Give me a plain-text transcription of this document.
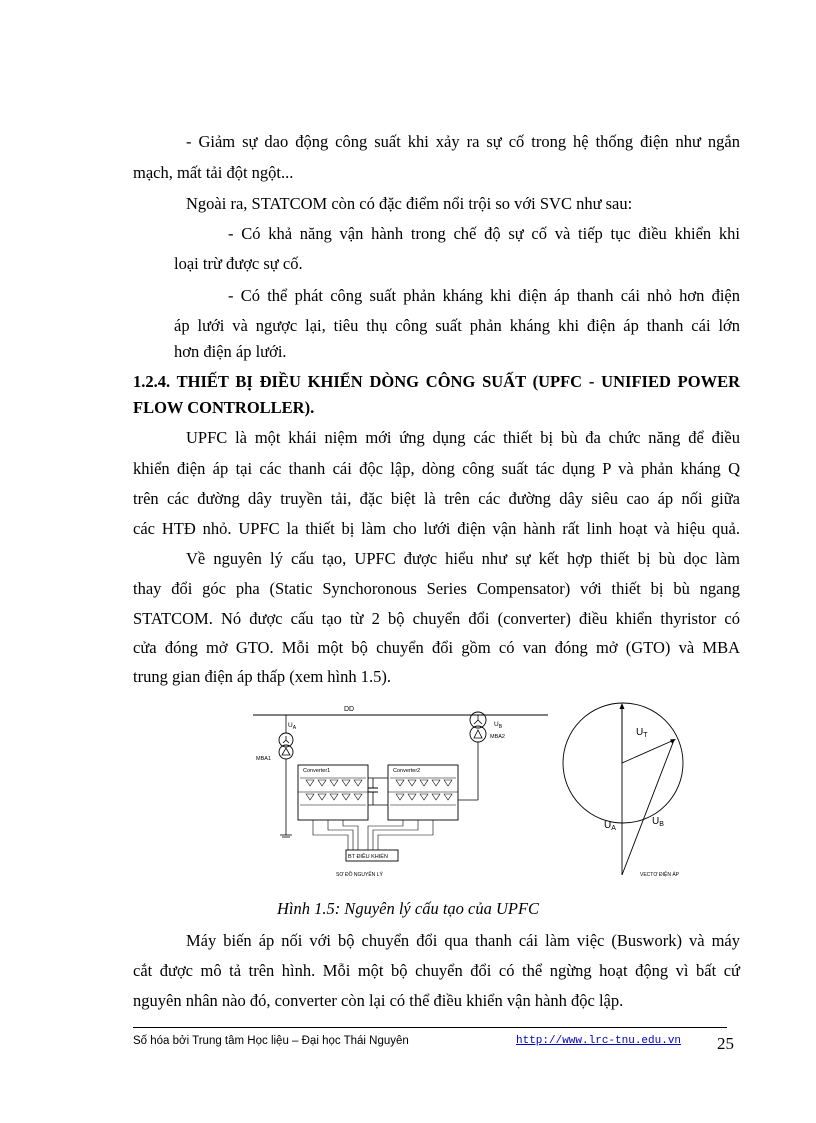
- Giảm sự dao động công suất khi xảy ra sự cố trong hệ thống điện như ngắn
mạch, mất tải đột ngột...
Ngoài ra, STATCOM còn có đặc điểm nổi trội so với SVC như sau:
- Có khả năng vận hành trong chế độ sự cố và tiếp tục điều khiển khi
loại trừ được sự cố.
- Có thể phát công suất phản kháng khi điện áp thanh cái nhỏ hơn điện
áp lưới và ngược lại, tiêu thụ công suất phản kháng khi điện áp thanh cái lớn
hơn điện áp lưới.
1.2.4. THIẾT BỊ ĐIỀU KHIỂN DÒNG CÔNG SUẤT (UPFC - UNIFIED POWER
FLOW CONTROLLER).
UPFC là một khái niệm mới ứng dụng các thiết bị bù đa chức năng để điều
khiển điện áp tại các thanh cái độc lập, dòng công suất tác dụng P và phản kháng Q
trên các đường dây truyền tải, đặc biệt là trên các đường dây siêu cao áp nối giữa
các HTĐ nhỏ. UPFC la thiết bị làm cho lưới điện vận hành rất linh hoạt và hiệu quả.
Về nguyên lý cấu tạo, UPFC được hiểu như sự kết hợp thiết bị bù dọc làm
thay đổi góc pha (Static Synchoronous Series Compensator) với thiết bị bù ngang
STATCOM. Nó được cấu tạo từ 2 bộ chuyển đổi (converter) điều khiển thyristor có
cửa đóng mở GTO. Mỗi một bộ chuyển đổi gồm có van đóng mở (GTO) và MBA
trung gian điện áp thấp (xem hình 1.5).
DD
$U_A$
MBA1
$U_B$
MBA2
Converter1	Converter2
BT ĐIỀU KHIỂN
SƠ ĐỒ NGUYÊN LÝ
$U_T$
$U_A$
$U_B$
VECTƠ ĐIỆN ÁP
Hình 1.5: Nguyên lý cấu tạo của UPFC
Máy biến áp nối với bộ chuyển đổi qua thanh cái làm việc (Buswork) và máy
cắt được mô tả trên hình. Mỗi một bộ chuyển đổi có thể ngừng hoạt động vì bất cứ
nguyên nhân nào đó, converter còn lại có thể điều khiển vận hành độc lập.
Số hóa bởi Trung tâm Học liệu – Đại học Thái Nguyên	http://www.lrc-tnu.edu.vn 25
